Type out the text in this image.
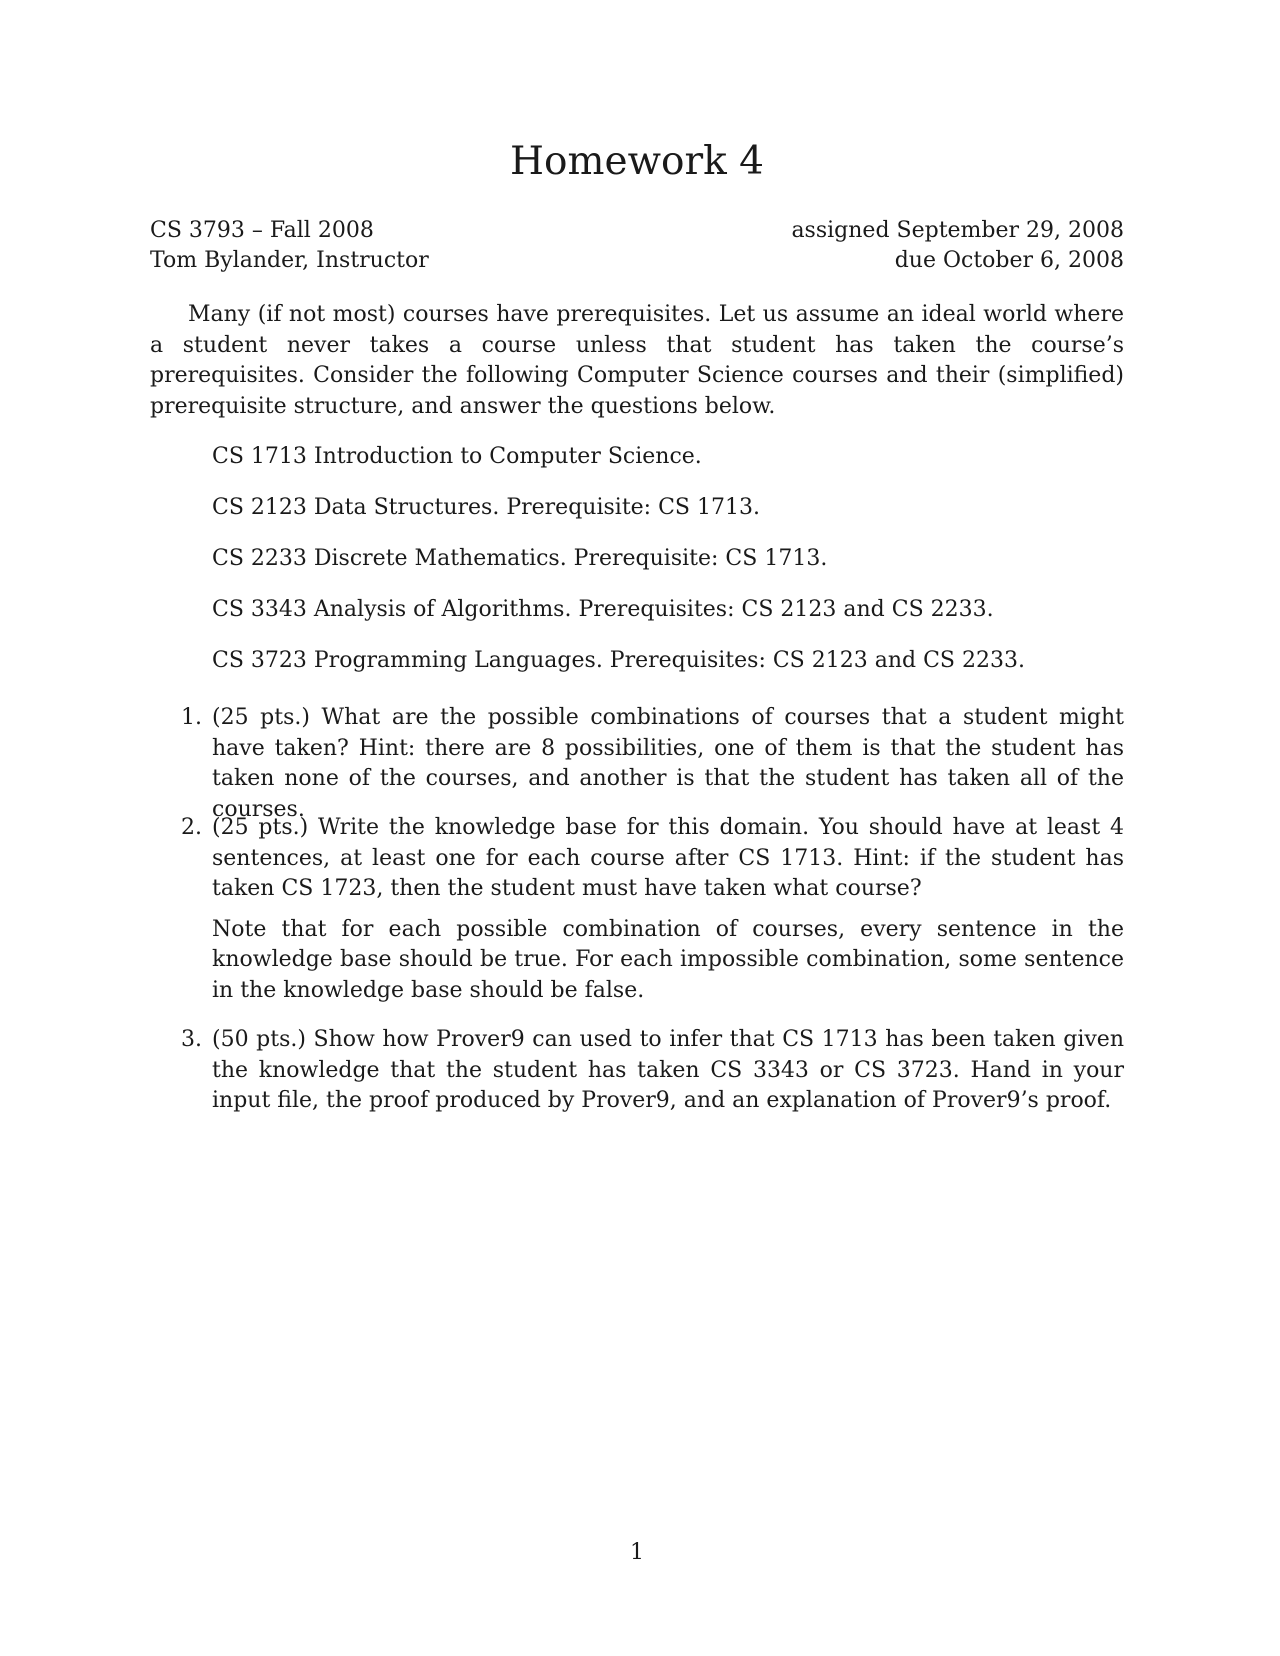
Homework 4
CS 3793 – Fall 2008	assigned September 29, 2008
Tom Bylander, Instructor	due October 6, 2008

Many (if not most) courses have prerequisites. Let us assume an ideal world where a student never takes a course unless that student has taken the course’s prerequisites. Consider the following Computer Science courses and their (simplified) prerequisite structure, and answer the questions below.

CS 1713 Introduction to Computer Science.
CS 2123 Data Structures. Prerequisite: CS 1713.
CS 2233 Discrete Mathematics. Prerequisite: CS 1713.
CS 3343 Analysis of Algorithms. Prerequisites: CS 2123 and CS 2233.
CS 3723 Programming Languages. Prerequisites: CS 2123 and CS 2233.
1. (25 pts.) What are the possible combinations of courses that a student might have taken? Hint: there are 8 possibilities, one of them is that the student has taken none of the courses, and another is that the student has taken all of the courses.

2. (25 pts.) Write the knowledge base for this domain. You should have at least 4 sentences, at least one for each course after CS 1713. Hint: if the student has taken CS 1723, then the student must have taken what course?

Note that for each possible combination of courses, every sentence in the knowledge base should be true. For each impossible combination, some sentence in the knowledge base should be false.

3. (50 pts.) Show how Prover9 can used to infer that CS 1713 has been taken given the knowledge that the student has taken CS 3343 or CS 3723. Hand in your input file, the proof produced by Prover9, and an explanation of Prover9’s proof.

1
